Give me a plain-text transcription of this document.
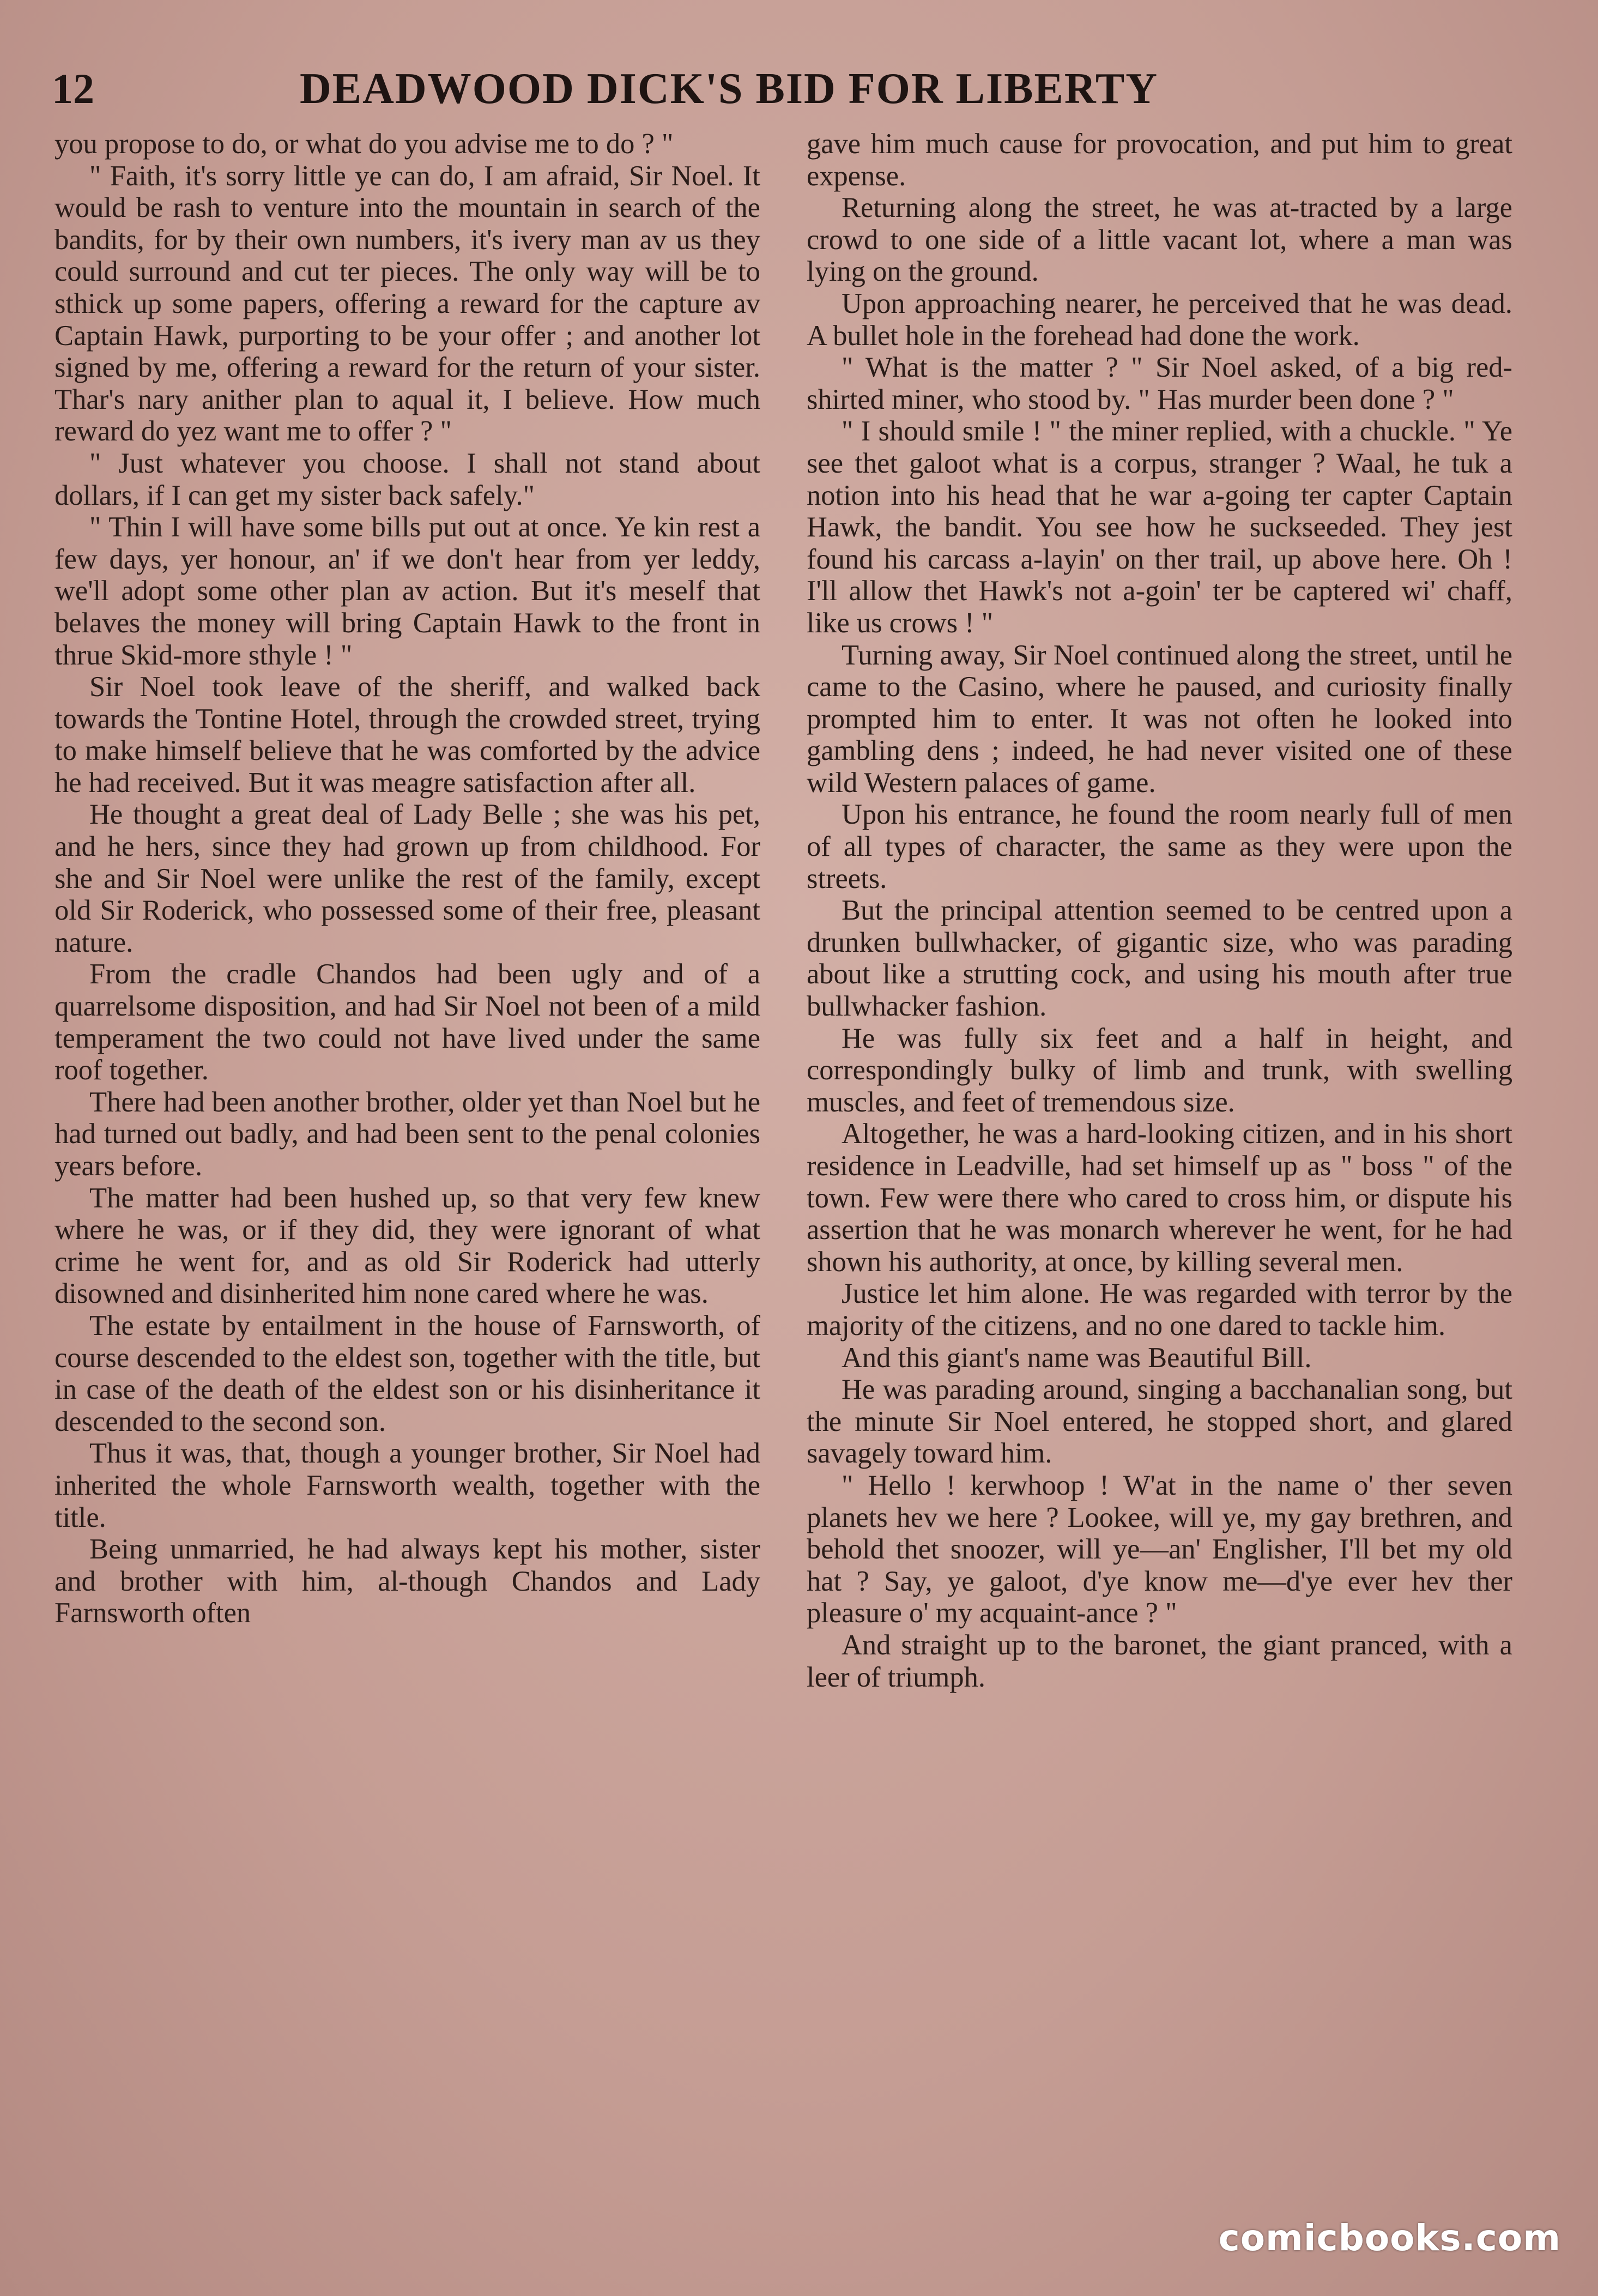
12	DEADWOOD DICK'S BID FOR LIBERTY

you propose to do, or what do you advise me to do ? "

" Faith, it's sorry little ye can do, I am afraid, Sir Noel. It would be rash to venture into the mountain in search of the bandits, for by their own numbers, it's ivery man av us they could surround and cut ter pieces. The only way will be to sthick up some papers, offering a reward for the capture av Captain Hawk, purporting to be your offer ; and another lot signed by me, offering a reward for the return of your sister. Thar's nary anither plan to aqual it, I believe. How much reward do yez want me to offer ? "

" Just whatever you choose. I shall not stand about dollars, if I can get my sister back safely."

" Thin I will have some bills put out at once. Ye kin rest a few days, yer honour, an' if we don't hear from yer leddy, we'll adopt some other plan av action. But it's meself that belaves the money will bring Captain Hawk to the front in thrue Skid-more sthyle ! "

Sir Noel took leave of the sheriff, and walked back towards the Tontine Hotel, through the crowded street, trying to make himself believe that he was comforted by the advice he had received. But it was meagre satisfaction after all.

He thought a great deal of Lady Belle ; she was his pet, and he hers, since they had grown up from childhood. For she and Sir Noel were unlike the rest of the family, except old Sir Roderick, who possessed some of their free, pleasant nature.

From the cradle Chandos had been ugly and of a quarrelsome disposition, and had Sir Noel not been of a mild temperament the two could not have lived under the same roof together.

There had been another brother, older yet than Noel but he had turned out badly, and had been sent to the penal colonies years before.

The matter had been hushed up, so that very few knew where he was, or if they did, they were ignorant of what crime he went for, and as old Sir Roderick had utterly disowned and disinherited him none cared where he was.

The estate by entailment in the house of Farnsworth, of course descended to the eldest son, together with the title, but in case of the death of the eldest son or his disinheritance it descended to the second son.

Thus it was, that, though a younger brother, Sir Noel had inherited the whole Farnsworth wealth, together with the title.

Being unmarried, he had always kept his mother, sister and brother with him, al-though Chandos and Lady Farnsworth often

gave him much cause for provocation, and put him to great expense.

Returning along the street, he was at-tracted by a large crowd to one side of a little vacant lot, where a man was lying on the ground.

Upon approaching nearer, he perceived that he was dead. A bullet hole in the forehead had done the work.

" What is the matter ? " Sir Noel asked, of a big red-shirted miner, who stood by. " Has murder been done ? "

" I should smile ! " the miner replied, with a chuckle. " Ye see thet galoot what is a corpus, stranger ? Waal, he tuk a notion into his head that he war a-going ter capter Captain Hawk, the bandit. You see how he suckseeded. They jest found his carcass a-layin' on ther trail, up above here. Oh ! I'll allow thet Hawk's not a-goin' ter be captered wi' chaff, like us crows ! "

Turning away, Sir Noel continued along the street, until he came to the Casino, where he paused, and curiosity finally prompted him to enter. It was not often he looked into gambling dens ; indeed, he had never visited one of these wild Western palaces of game.

Upon his entrance, he found the room nearly full of men of all types of character, the same as they were upon the streets.

But the principal attention seemed to be centred upon a drunken bullwhacker, of gigantic size, who was parading about like a strutting cock, and using his mouth after true bullwhacker fashion.

He was fully six feet and a half in height, and correspondingly bulky of limb and trunk, with swelling muscles, and feet of tremendous size.

Altogether, he was a hard-looking citizen, and in his short residence in Leadville, had set himself up as " boss " of the town. Few were there who cared to cross him, or dispute his assertion that he was monarch wherever he went, for he had shown his authority, at once, by killing several men.

Justice let him alone. He was regarded with terror by the majority of the citizens, and no one dared to tackle him.

And this giant's name was Beautiful Bill.

He was parading around, singing a bacchanalian song, but the minute Sir Noel entered, he stopped short, and glared savagely toward him.

" Hello ! kerwhoop ! W'at in the name o' ther seven planets hev we here ? Lookee, will ye, my gay brethren, and behold thet snoozer, will ye—an' Englisher, I'll bet my old hat ? Say, ye galoot, d'ye know me—d'ye ever hev ther pleasure o' my acquaint-ance ? "

And straight up to the baronet, the giant pranced, with a leer of triumph.

comicbooks.com
